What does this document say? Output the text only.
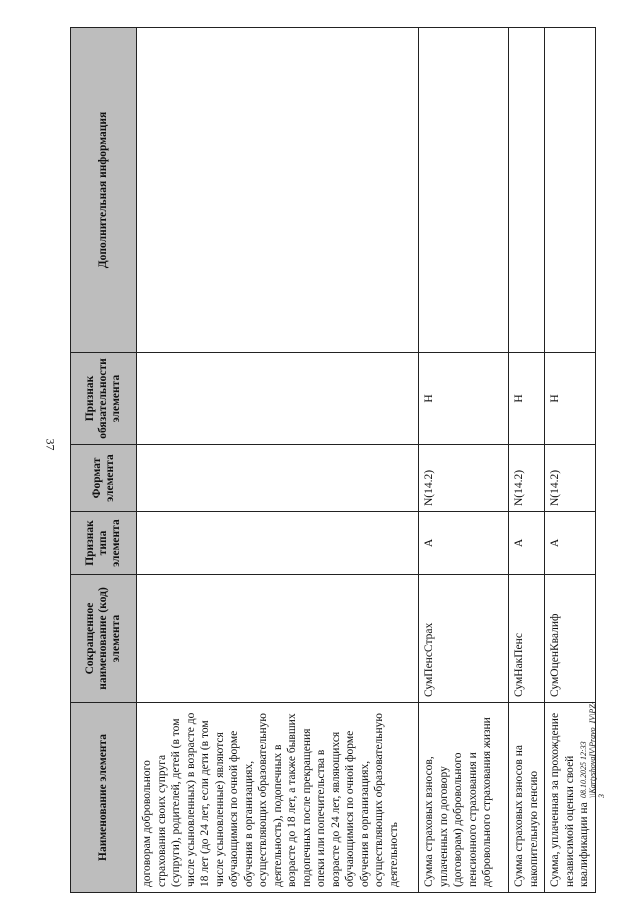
37
Наименование элемента	Сокращенное наименование (код) элемента	Признак типа элемента	Формат элемента	Признак обязательности элемента	Дополнительная информация
договорам добровольного страхования своих супруга (супруги), родителей, детей (в том числе усыновленных) в возрасте до 18 лет (до 24 лет, если дети (в том числе усыновленные) являются обучающимися по очной форме обучения в организациях, осуществляющих образовательную деятельность), подопечных в возрасте до 18 лет, а также бывших подопечных после прекращения опеки или попечительства в возрасте до 24 лет, являющихся обучающимися по очной форме обучения в организациях, осуществляющих образовательную деятельность					
Сумма страховых взносов, уплаченных по договору (договорам) добровольного пенсионного страхования и добровольного страхования жизни	СумПенсСтрах	А	N(14.2)	Н	
Сумма страховых взносов на накопительную пенсию	СумНакПенс	А	N(14.2)	Н	
Сумма, уплаченная за прохождение независимой оценки своей квалификации на	СумОценКвалиф	А	N(14.2)	Н	
08.10.2025 12:33 \\KartyshovaIV\Pravo_IV\PZ-3
